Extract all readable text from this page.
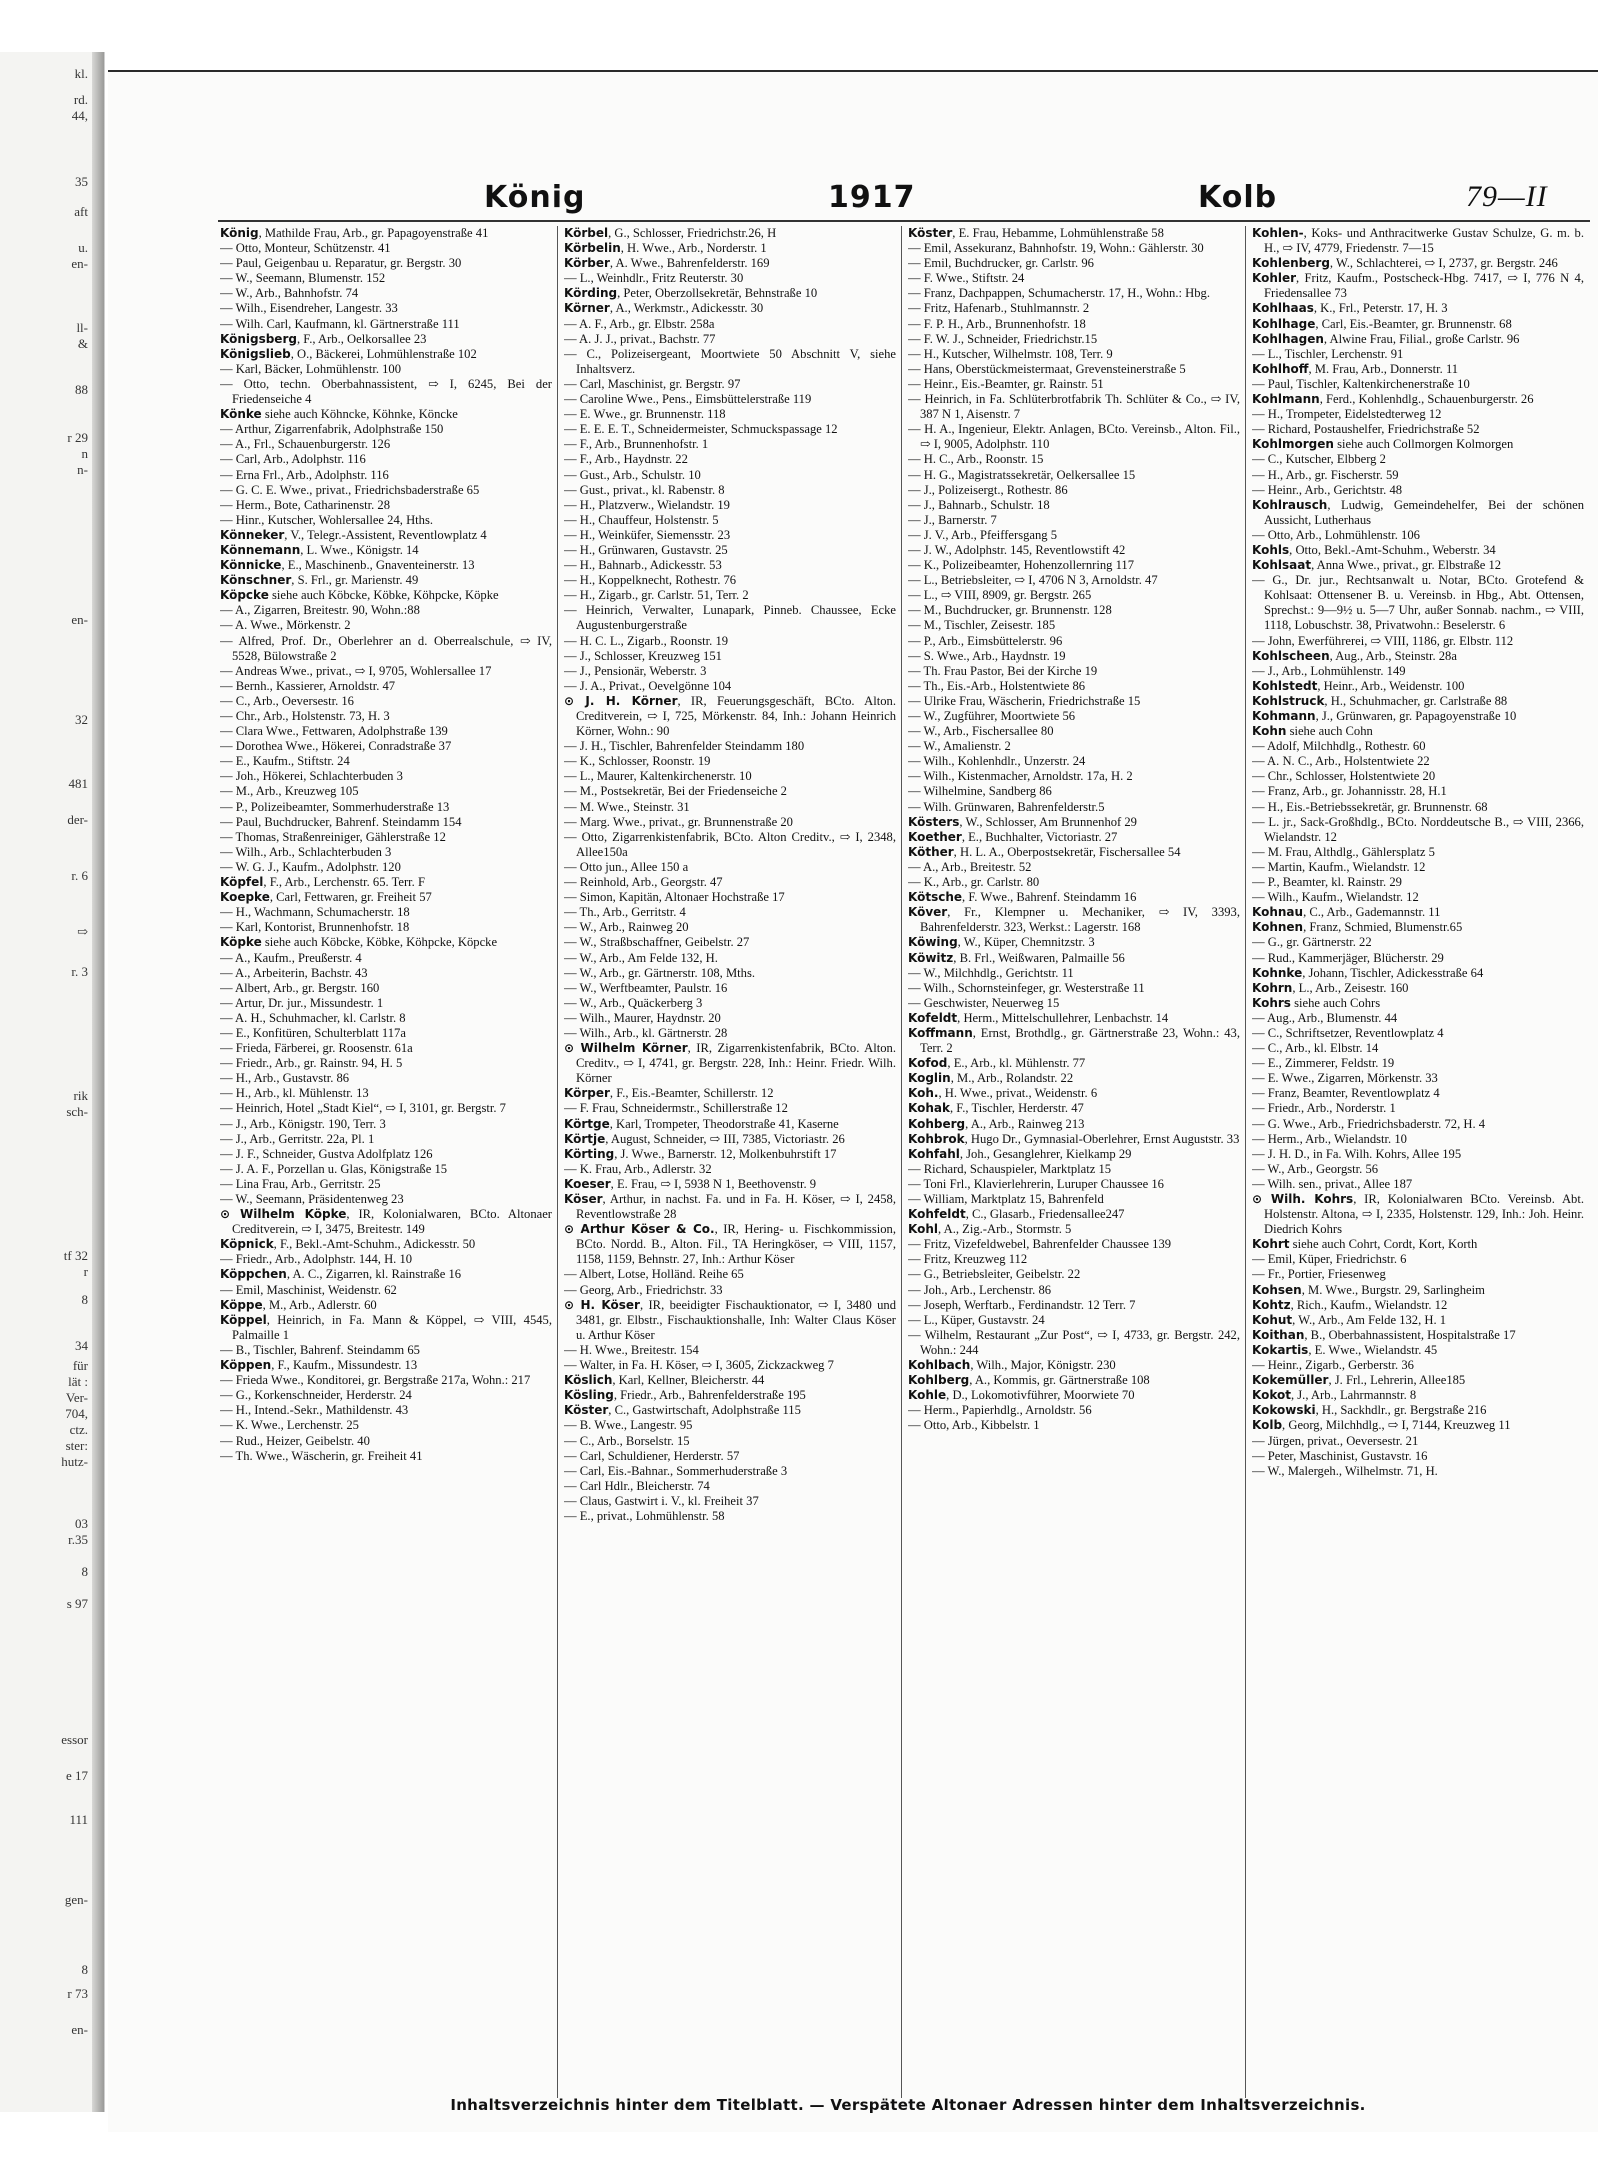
kl.
rd.
44,
35
aft
u.
en-
ll-
&
88
r 29
n
n-
en-
32
481
der-
r. 6
⇨
r. 3
rik
sch-
tf 32
r
8
34
für
lät :
Ver-
704,
ctz.
ster:
hutz-
03
r.35
8
s 97
essor
e 17
111
gen-
8
r 73
en-
König	1917	Kolb	79—II

König, Mathilde Frau, Arb., gr. Papagoyenstraße 41

— Otto, Monteur, Schützenstr. 41

— Paul, Geigenbau u. Reparatur, gr. Bergstr. 30

— W., Seemann, Blumenstr. 152

— W., Arb., Bahnhofstr. 74

— Wilh., Eisendreher, Langestr. 33

— Wilh. Carl, Kaufmann, kl. Gärtnerstraße 111

Königsberg, F., Arb., Oelkorsallee 23

Königslieb, O., Bäckerei, Lohmühlenstraße 102

— Karl, Bäcker, Lohmühlenstr. 100

— Otto, techn. Oberbahnassistent, ⇨ I, 6245, Bei der Friedenseiche 4

Könke siehe auch Köhncke, Köhnke, Köncke

— Arthur, Zigarrenfabrik, Adolphstraße 150

— A., Frl., Schauenburgerstr. 126

— Carl, Arb., Adolphstr. 116

— Erna Frl., Arb., Adolphstr. 116

— G. C. E. Wwe., privat., Friedrichsbaderstraße 65

— Herm., Bote, Catharinenstr. 28

— Hinr., Kutscher, Wohlersallee 24, Hths.

Könneker, V., Telegr.-Assistent, Reventlowplatz 4

Könnemann, L. Wwe., Königstr. 14

Könnicke, E., Maschinenb., Gnaventeinerstr. 13

Könschner, S. Frl., gr. Marienstr. 49

Köpcke siehe auch Köbcke, Köbke, Köhpcke, Köpke

— A., Zigarren, Breitestr. 90, Wohn.:88

— A. Wwe., Mörkenstr. 2

— Alfred, Prof. Dr., Oberlehrer an d. Oberrealschule, ⇨ IV, 5528, Bülowstraße 2

— Andreas Wwe., privat., ⇨ I, 9705, Wohlersallee 17

— Bernh., Kassierer, Arnoldstr. 47

— C., Arb., Oeversestr. 16

— Chr., Arb., Holstenstr. 73, H. 3

— Clara Wwe., Fettwaren, Adolphstraße 139

— Dorothea Wwe., Hökerei, Conradstraße 37

— E., Kaufm., Stiftstr. 24

— Joh., Hökerei, Schlachterbuden 3

— M., Arb., Kreuzweg 105

— P., Polizeibeamter, Sommerhuderstraße 13

— Paul, Buchdrucker, Bahrenf. Steindamm 154

— Thomas, Straßenreiniger, Gählerstraße 12

— Wilh., Arb., Schlachterbuden 3

— W. G. J., Kaufm., Adolphstr. 120

Köpfel, F., Arb., Lerchenstr. 65. Terr. F

Koepke, Carl, Fettwaren, gr. Freiheit 57

— H., Wachmann, Schumacherstr. 18

— Karl, Kontorist, Brunnenhofstr. 18

Köpke siehe auch Köbcke, Köbke, Köhpcke, Köpcke

— A., Kaufm., Preußerstr. 4

— A., Arbeiterin, Bachstr. 43

— Albert, Arb., gr. Bergstr. 160

— Artur, Dr. jur., Missundestr. 1

— A. H., Schuhmacher, kl. Carlstr. 8

— E., Konfitüren, Schulterblatt 117a

— Frieda, Färberei, gr. Roosenstr. 61a

— Friedr., Arb., gr. Rainstr. 94, H. 5

— H., Arb., Gustavstr. 86

— H., Arb., kl. Mühlenstr. 13

— Heinrich, Hotel „Stadt Kiel“, ⇨ I, 3101, gr. Bergstr. 7

— J., Arb., Königstr. 190, Terr. 3

— J., Arb., Gerritstr. 22a, Pl. 1

— J. F., Schneider, Gustva Adolfplatz 126

— J. A. F., Porzellan u. Glas, Königstraße 15

— Lina Frau, Arb., Gerritstr. 25

— W., Seemann, Präsidentenweg 23

⊙ Wilhelm Köpke, IR, Kolonialwaren, BCto. Altonaer Creditverein, ⇨ I, 3475, Breitestr. 149

Köpnick, F., Bekl.-Amt-Schuhm., Adickesstr. 50

— Friedr., Arb., Adolphstr. 144, H. 10

Köppchen, A. C., Zigarren, kl. Rainstraße 16

— Emil, Maschinist, Weidenstr. 62

Köppe, M., Arb., Adlerstr. 60

Köppel, Heinrich, in Fa. Mann & Köppel, ⇨ VIII, 4545, Palmaille 1

— B., Tischler, Bahrenf. Steindamm 65

Köppen, F., Kaufm., Missundestr. 13

— Frieda Wwe., Konditorei, gr. Bergstraße 217a, Wohn.: 217

— G., Korkenschneider, Herderstr. 24

— H., Intend.-Sekr., Mathildenstr. 43

— K. Wwe., Lerchenstr. 25

— Rud., Heizer, Geibelstr. 40

— Th. Wwe., Wäscherin, gr. Freiheit 41

Körbel, G., Schlosser, Friedrichstr.26, H

Körbelin, H. Wwe., Arb., Norderstr. 1

Körber, A. Wwe., Bahrenfelderstr. 169

— L., Weinhdlr., Fritz Reuterstr. 30

Körding, Peter, Oberzollsekretär, Behnstraße 10

Körner, A., Werkmstr., Adickesstr. 30

— A. F., Arb., gr. Elbstr. 258a

— A. J. J., privat., Bachstr. 77

— C., Polizeisergeant, Moortwiete 50 Abschnitt V, siehe Inhaltsverz.

— Carl, Maschinist, gr. Bergstr. 97

— Caroline Wwe., Pens., Eimsbüttelerstraße 119

— E. Wwe., gr. Brunnenstr. 118

— E. E. E. T., Schneidermeister, Schmuckspassage 12

— F., Arb., Brunnenhofstr. 1

— F., Arb., Haydnstr. 22

— Gust., Arb., Schulstr. 10

— Gust., privat., kl. Rabenstr. 8

— H., Platzverw., Wielandstr. 19

— H., Chauffeur, Holstenstr. 5

— H., Weinküfer, Siemensstr. 23

— H., Grünwaren, Gustavstr. 25

— H., Bahnarb., Adickesstr. 53

— H., Koppelknecht, Rothestr. 76

— H., Zigarb., gr. Carlstr. 51, Terr. 2

— Heinrich, Verwalter, Lunapark, Pinneb. Chaussee, Ecke Augustenburgerstraße

— H. C. L., Zigarb., Roonstr. 19

— J., Schlosser, Kreuzweg 151

— J., Pensionär, Weberstr. 3

— J. A., Privat., Oevelgönne 104

⊙ J. H. Körner, IR, Feuerungsgeschäft, BCto. Alton. Creditverein, ⇨ I, 725, Mörkenstr. 84, Inh.: Johann Heinrich Körner, Wohn.: 90

— J. H., Tischler, Bahrenfelder Steindamm 180

— K., Schlosser, Roonstr. 19

— L., Maurer, Kaltenkirchenerstr. 10

— M., Postsekretär, Bei der Friedenseiche 2

— M. Wwe., Steinstr. 31

— Marg. Wwe., privat., gr. Brunnenstraße 20

— Otto, Zigarrenkistenfabrik, BCto. Alton Creditv., ⇨ I, 2348, Allee150a

— Otto jun., Allee 150 a

— Reinhold, Arb., Georgstr. 47

— Simon, Kapitän, Altonaer Hochstraße 17

— Th., Arb., Gerritstr. 4

— W., Arb., Rainweg 20

— W., Straßbschaffner, Geibelstr. 27

— W., Arb., Am Felde 132, H.

— W., Arb., gr. Gärtnerstr. 108, Mths.

— W., Werftbeamter, Paulstr. 16

— W., Arb., Quäckerberg 3

— Wilh., Maurer, Haydnstr. 20

— Wilh., Arb., kl. Gärtnerstr. 28

⊙ Wilhelm Körner, IR, Zigarrenkistenfabrik, BCto. Alton. Creditv., ⇨ I, 4741, gr. Bergstr. 228, Inh.: Heinr. Friedr. Wilh. Körner

Körper, F., Eis.-Beamter, Schillerstr. 12

— F. Frau, Schneidermstr., Schillerstraße 12

Körtge, Karl, Trompeter, Theodorstraße 41, Kaserne

Körtje, August, Schneider, ⇨ III, 7385, Victoriastr. 26

Körting, J. Wwe., Barnerstr. 12, Molkenbuhrstift 17

— K. Frau, Arb., Adlerstr. 32

Koeser, E. Frau, ⇨ I, 5938 N 1, Beethovenstr. 9

Köser, Arthur, in nachst. Fa. und in Fa. H. Köser, ⇨ I, 2458, Reventlowstraße 28

⊙ Arthur Köser & Co., IR, Hering- u. Fischkommission, BCto. Nordd. B., Alton. Fil., TA Heringköser, ⇨ VIII, 1157, 1158, 1159, Behnstr. 27, Inh.: Arthur Köser

— Albert, Lotse, Holländ. Reihe 65

— Georg, Arb., Friedrichstr. 33

⊙ H. Köser, IR, beeidigter Fischauktionator, ⇨ I, 3480 und 3481, gr. Elbstr., Fischauktionshalle, Inh: Walter Claus Köser u. Arthur Köser

— H. Wwe., Breitestr. 154

— Walter, in Fa. H. Köser, ⇨ I, 3605, Zickzackweg 7

Köslich, Karl, Kellner, Bleicherstr. 44

Kösling, Friedr., Arb., Bahrenfelderstraße 195

Köster, C., Gastwirtschaft, Adolphstraße 115

— B. Wwe., Langestr. 95

— C., Arb., Borselstr. 15

— Carl, Schuldiener, Herderstr. 57

— Carl, Eis.-Bahnar., Sommerhuderstraße 3

— Carl Hdlr., Bleicherstr. 74

— Claus, Gastwirt i. V., kl. Freiheit 37

— E., privat., Lohmühlenstr. 58

Köster, E. Frau, Hebamme, Lohmühlenstraße 58

— Emil, Assekuranz, Bahnhofstr. 19, Wohn.: Gählerstr. 30

— Emil, Buchdrucker, gr. Carlstr. 96

— F. Wwe., Stiftstr. 24

— Franz, Dachpappen, Schumacherstr. 17, H., Wohn.: Hbg.

— Fritz, Hafenarb., Stuhlmannstr. 2

— F. P. H., Arb., Brunnenhofstr. 18

— F. W. J., Schneider, Friedrichstr.15

— H., Kutscher, Wilhelmstr. 108, Terr. 9

— Hans, Oberstückmeistermaat, Grevensteinerstraße 5

— Heinr., Eis.-Beamter, gr. Rainstr. 51

— Heinrich, in Fa. Schlüterbrotfabrik Th. Schlüter & Co., ⇨ IV, 387 N 1, Aisenstr. 7

— H. A., Ingenieur, Elektr. Anlagen, BCto. Vereinsb., Alton. Fil., ⇨ I, 9005, Adolphstr. 110

— H. C., Arb., Roonstr. 15

— H. G., Magistratssekretär, Oelkersallee 15

— J., Polizeisergt., Rothestr. 86

— J., Bahnarb., Schulstr. 18

— J., Barnerstr. 7

— J. V., Arb., Pfeiffersgang 5

— J. W., Adolphstr. 145, Reventlowstift 42

— K., Polizeibeamter, Hohenzollernring 117

— L., Betriebsleiter, ⇨ I, 4706 N 3, Arnoldstr. 47

— L., ⇨ VIII, 8909, gr. Bergstr. 265

— M., Buchdrucker, gr. Brunnenstr. 128

— M., Tischler, Zeisestr. 185

— P., Arb., Eimsbüttelerstr. 96

— S. Wwe., Arb., Haydnstr. 19

— Th. Frau Pastor, Bei der Kirche 19

— Th., Eis.-Arb., Holstentwiete 86

— Ulrike Frau, Wäscherin, Friedrichstraße 15

— W., Zugführer, Moortwiete 56

— W., Arb., Fischersallee 80

— W., Amalienstr. 2

— Wilh., Kohlenhdlr., Unzerstr. 24

— Wilh., Kistenmacher, Arnoldstr. 17a, H. 2

— Wilhelmine, Sandberg 86

— Wilh. Grünwaren, Bahrenfelderstr.5

Kösters, W., Schlosser, Am Brunnenhof 29

Koether, E., Buchhalter, Victoriastr. 27

Köther, H. L. A., Oberpostsekretär, Fischersallee 54

— A., Arb., Breitestr. 52

— K., Arb., gr. Carlstr. 80

Kötsche, F. Wwe., Bahrenf. Steindamm 16

Köver, Fr., Klempner u. Mechaniker, ⇨ IV, 3393, Bahrenfelderstr. 323, Werkst.: Lagerstr. 168

Köwing, W., Küper, Chemnitzstr. 3

Köwitz, B. Frl., Weißwaren, Palmaille 56

— W., Milchhdlg., Gerichtstr. 11

— Wilh., Schornsteinfeger, gr. Westerstraße 11

— Geschwister, Neuerweg 15

Kofeldt, Herm., Mittelschullehrer, Lenbachstr. 14

Koffmann, Ernst, Brothdlg., gr. Gärtnerstraße 23, Wohn.: 43, Terr. 2

Kofod, E., Arb., kl. Mühlenstr. 77

Koglin, M., Arb., Rolandstr. 22

Koh., H. Wwe., privat., Weidenstr. 6

Kohak, F., Tischler, Herderstr. 47

Kohberg, A., Arb., Rainweg 213

Kohbrok, Hugo Dr., Gymnasial-Oberlehrer, Ernst Auguststr. 33

Kohfahl, Joh., Gesanglehrer, Kielkamp 29

— Richard, Schauspieler, Marktplatz 15

— Toni Frl., Klavierlehrerin, Luruper Chaussee 16

— William, Marktplatz 15, Bahrenfeld

Kohfeldt, C., Glasarb., Friedensallee247

Kohl, A., Zig.-Arb., Stormstr. 5

— Fritz, Vizefeldwebel, Bahrenfelder Chaussee 139

— Fritz, Kreuzweg 112

— G., Betriebsleiter, Geibelstr. 22

— Joh., Arb., Lerchenstr. 86

— Joseph, Werftarb., Ferdinandstr. 12 Terr. 7

— L., Küper, Gustavstr. 24

— Wilhelm, Restaurant „Zur Post“, ⇨ I, 4733, gr. Bergstr. 242, Wohn.: 244

Kohlbach, Wilh., Major, Königstr. 230

Kohlberg, A., Kommis, gr. Gärtnerstraße 108

Kohle, D., Lokomotivführer, Moorwiete 70

— Herm., Papierhdlg., Arnoldstr. 56

— Otto, Arb., Kibbelstr. 1

Kohlen-, Koks- und Anthracitwerke Gustav Schulze, G. m. b. H., ⇨ IV, 4779, Friedenstr. 7—15

Kohlenberg, W., Schlachterei, ⇨ I, 2737, gr. Bergstr. 246

Kohler, Fritz, Kaufm., Postscheck-Hbg. 7417, ⇨ I, 776 N 4, Friedensallee 73

Kohlhaas, K., Frl., Peterstr. 17, H. 3

Kohlhage, Carl, Eis.-Beamter, gr. Brunnenstr. 68

Kohlhagen, Alwine Frau, Filial., große Carlstr. 96

— L., Tischler, Lerchenstr. 91

Kohlhoff, M. Frau, Arb., Donnerstr. 11

— Paul, Tischler, Kaltenkirchenerstraße 10

Kohlmann, Ferd., Kohlenhdlg., Schauenburgerstr. 26

— H., Trompeter, Eidelstedterweg 12

— Richard, Postaushelfer, Friedrichstraße 52

Kohlmorgen siehe auch Collmorgen Kolmorgen

— C., Kutscher, Elbberg 2

— H., Arb., gr. Fischerstr. 59

— Heinr., Arb., Gerichtstr. 48

Kohlrausch, Ludwig, Gemeindehelfer, Bei der schönen Aussicht, Lutherhaus

— Otto, Arb., Lohmühlenstr. 106

Kohls, Otto, Bekl.-Amt-Schuhm., Weberstr. 34

Kohlsaat, Anna Wwe., privat., gr. Elbstraße 12

— G., Dr. jur., Rechtsanwalt u. Notar, BCto. Grotefend & Kohlsaat: Ottensener B. u. Vereinsb. in Hbg., Abt. Ottensen, Sprechst.: 9—9½ u. 5—7 Uhr, außer Sonnab. nachm., ⇨ VIII, 1118, Lobuschstr. 38, Privatwohn.: Beselerstr. 6

— John, Ewerführerei, ⇨ VIII, 1186, gr. Elbstr. 112

Kohlscheen, Aug., Arb., Steinstr. 28a

— J., Arb., Lohmühlenstr. 149

Kohlstedt, Heinr., Arb., Weidenstr. 100

Kohlstruck, H., Schuhmacher, gr. Carlstraße 88

Kohmann, J., Grünwaren, gr. Papagoyenstraße 10

Kohn siehe auch Cohn

— Adolf, Milchhdlg., Rothestr. 60

— A. N. C., Arb., Holstentwiete 22

— Chr., Schlosser, Holstentwiete 20

— Franz, Arb., gr. Johannisstr. 28, H.1

— H., Eis.-Betriebssekretär, gr. Brunnenstr. 68

— L. jr., Sack-Großhdlg., BCto. Norddeutsche B., ⇨ VIII, 2366, Wielandstr. 12

— M. Frau, Althdlg., Gählersplatz 5

— Martin, Kaufm., Wielandstr. 12

— P., Beamter, kl. Rainstr. 29

— Wilh., Kaufm., Wielandstr. 12

Kohnau, C., Arb., Gademannstr. 11

Kohnen, Franz, Schmied, Blumenstr.65

— G., gr. Gärtnerstr. 22

— Rud., Kammerjäger, Blücherstr. 29

Kohnke, Johann, Tischler, Adickesstraße 64

Kohrn, L., Arb., Zeisestr. 160

Kohrs siehe auch Cohrs

— Aug., Arb., Blumenstr. 44

— C., Schriftsetzer, Reventlowplatz 4

— C., Arb., kl. Elbstr. 14

— E., Zimmerer, Feldstr. 19

— E. Wwe., Zigarren, Mörkenstr. 33

— Franz, Beamter, Reventlowplatz 4

— Friedr., Arb., Norderstr. 1

— G. Wwe., Arb., Friedrichsbaderstr. 72, H. 4

— Herm., Arb., Wielandstr. 10

— J. H. D., in Fa. Wilh. Kohrs, Allee 195

— W., Arb., Georgstr. 56

— Wilh. sen., privat., Allee 187

⊙ Wilh. Kohrs, IR, Kolonialwaren BCto. Vereinsb. Abt. Holstenstr. Altona, ⇨ I, 2335, Holstenstr. 129, Inh.: Joh. Heinr. Diedrich Kohrs

Kohrt siehe auch Cohrt, Cordt, Kort, Korth

— Emil, Küper, Friedrichstr. 6

— Fr., Portier, Friesenweg

Kohsen, M. Wwe., Burgstr. 29, Sarlingheim

Kohtz, Rich., Kaufm., Wielandstr. 12

Kohut, W., Arb., Am Felde 132, H. 1

Koithan, B., Oberbahnassistent, Hospitalstraße 17

Kokartis, E. Wwe., Wielandstr. 45

— Heinr., Zigarb., Gerberstr. 36

Kokemüller, J. Frl., Lehrerin, Allee185

Kokot, J., Arb., Lahrmannstr. 8

Kokowski, H., Sackhdlr., gr. Bergstraße 216

Kolb, Georg, Milchhdlg., ⇨ I, 7144, Kreuzweg 11

— Jürgen, privat., Oeversestr. 21

— Peter, Maschinist, Gustavstr. 16

— W., Malergeh., Wilhelmstr. 71, H.

Inhaltsverzeichnis hinter dem Titelblatt. — Verspätete Altonaer Adressen hinter dem Inhaltsverzeichnis.
